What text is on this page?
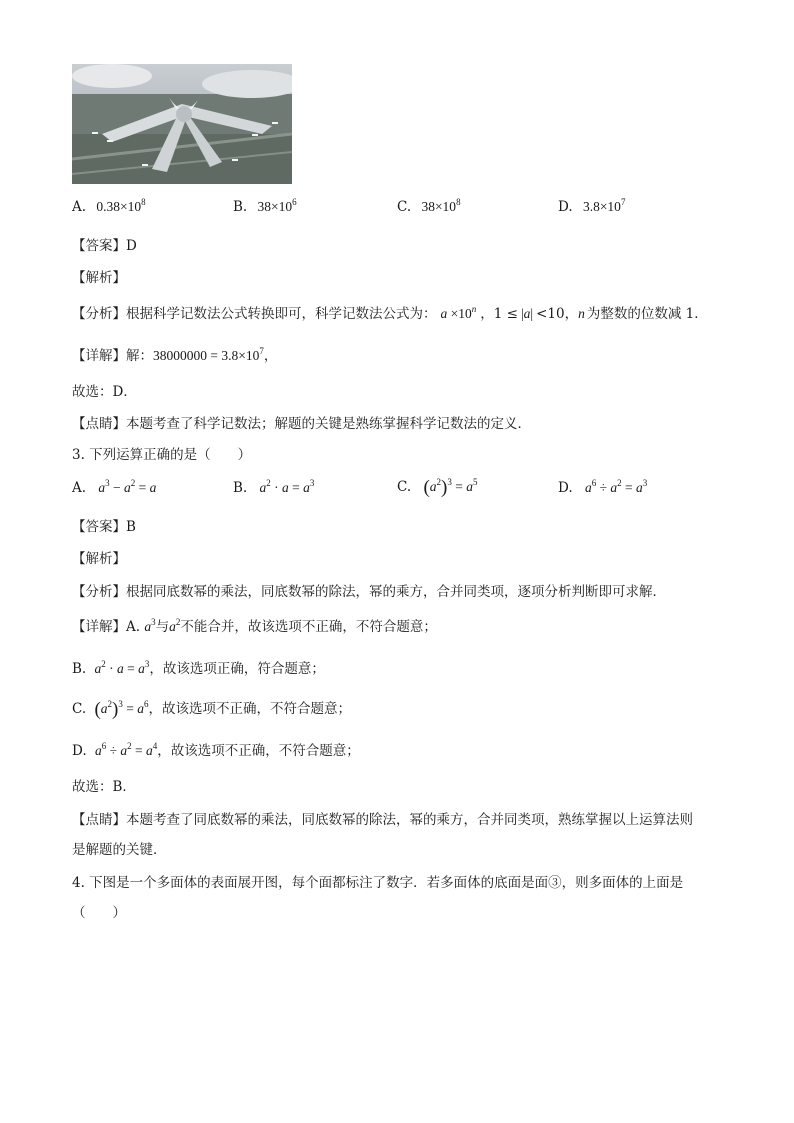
A. $0.38\times 10^8$	B. $38\times 10^6$	C. $38\times 10^8$	D. $3.8\times 10^7$
【答案】D
【解析】
【分析】根据科学记数法公式转换即可，科学记数法公式为： $a \times 10^n$ ，1 ≤ |a| <10，n 为整数的位数减 1．
【详解】解：$38000000 = 3.8\times 10^7$，
故选：D．
【点睛】本题考查了科学记数法；解题的关键是熟练掌握科学记数法的定义．
3. 下列运算正确的是（　　）
A. $a^3 - a^2 = a$	B. $a^2 \cdot a = a^3$	C. $(a^2)^3 = a^5$	D. $a^6 \div a^2 = a^3$
【答案】B
【解析】
【分析】根据同底数幂的乘法，同底数幂的除法，幂的乘方，合并同类项，逐项分析判断即可求解．
【详解】A. $a^3$与$a^2$不能合并，故该选项不正确，不符合题意；
B. $a^2 \cdot a = a^3$，故该选项正确，符合题意；
C. $(a^2)^3 = a^6$，故该选项不正确，不符合题意；
D. $a^6 \div a^2 = a^4$，故该选项不正确，不符合题意；
故选：B．
【点睛】本题考查了同底数幂的乘法，同底数幂的除法，幂的乘方，合并同类项，熟练掌握以上运算法则
是解题的关键．
4. 下图是一个多面体的表面展开图，每个面都标注了数字．若多面体的底面是面③，则多面体的上面是
（　　）
